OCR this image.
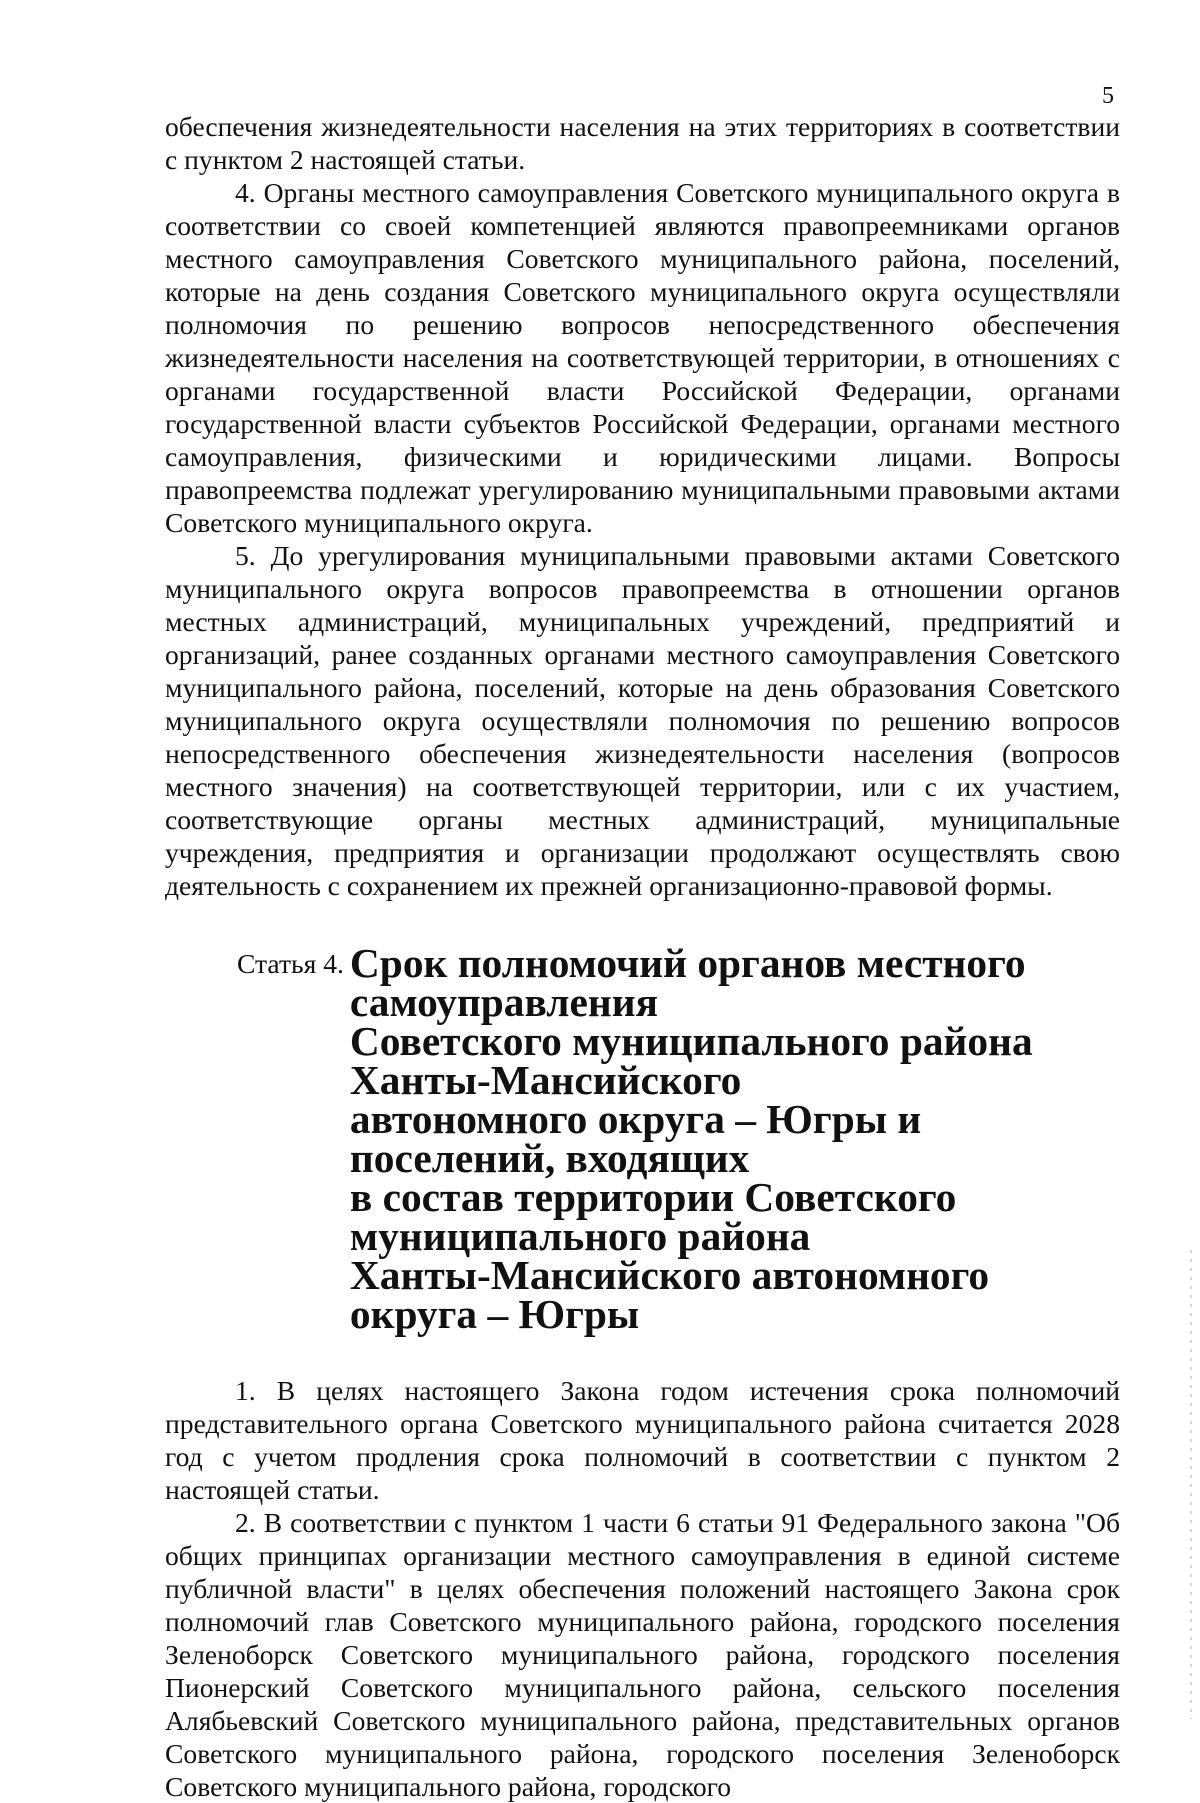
5

обеспечения жизнедеятельности населения на этих территориях в соответствии с пунктом 2 настоящей статьи.

4. Органы местного самоуправления Советского муниципального округа в соответствии со своей компетенцией являются правопреемниками органов местного самоуправления Советского муниципального района, поселений, которые на день создания Советского муниципального округа осуществляли полномочия по решению вопросов непосредственного обеспечения жизнедеятельности населения на соответствующей территории, в отношениях с органами государственной власти Российской Федерации, органами государственной власти субъектов Российской Федерации, органами местного самоуправления, физическими и юридическими лицами. Вопросы правопреемства подлежат урегулированию муниципальными правовыми актами Советского муниципального округа.

5. До урегулирования муниципальными правовыми актами Советского муниципального округа вопросов правопреемства в отношении органов местных администраций, муниципальных учреждений, предприятий и организаций, ранее созданных органами местного самоуправления Советского муниципального района, поселений, которые на день образования Советского муниципального округа осуществляли полномочия по решению вопросов непосредственного обеспечения жизнедеятельности населения (вопросов местного значения) на соответствующей территории, или с их участием, соответствующие органы местных администраций, муниципальные учреждения, предприятия и организации продолжают осуществлять свою деятельность с сохранением их прежней организационно-правовой формы.

Статья 4. Срок полномочий органов местного самоуправления
Советского муниципального района Ханты-Мансийского
автономного округа – Югры и поселений, входящих
в состав территории Советского муниципального района
Ханты-Мансийского автономного округа – Югры

1. В целях настоящего Закона годом истечения срока полномочий представительного органа Советского муниципального района считается 2028 год с учетом продления срока полномочий в соответствии с пунктом 2 настоящей статьи.

2. В соответствии с пунктом 1 части 6 статьи 91 Федерального закона "Об общих принципах организации местного самоуправления в единой системе публичной власти" в целях обеспечения положений настоящего Закона срок полномочий глав Советского муниципального района, городского поселения Зеленоборск Советского муниципального района, городского поселения Пионерский Советского муниципального района, сельского поселения Алябьевский Советского муниципального района, представительных органов Советского муниципального района, городского поселения Зеленоборск Советского муниципального района, городского
